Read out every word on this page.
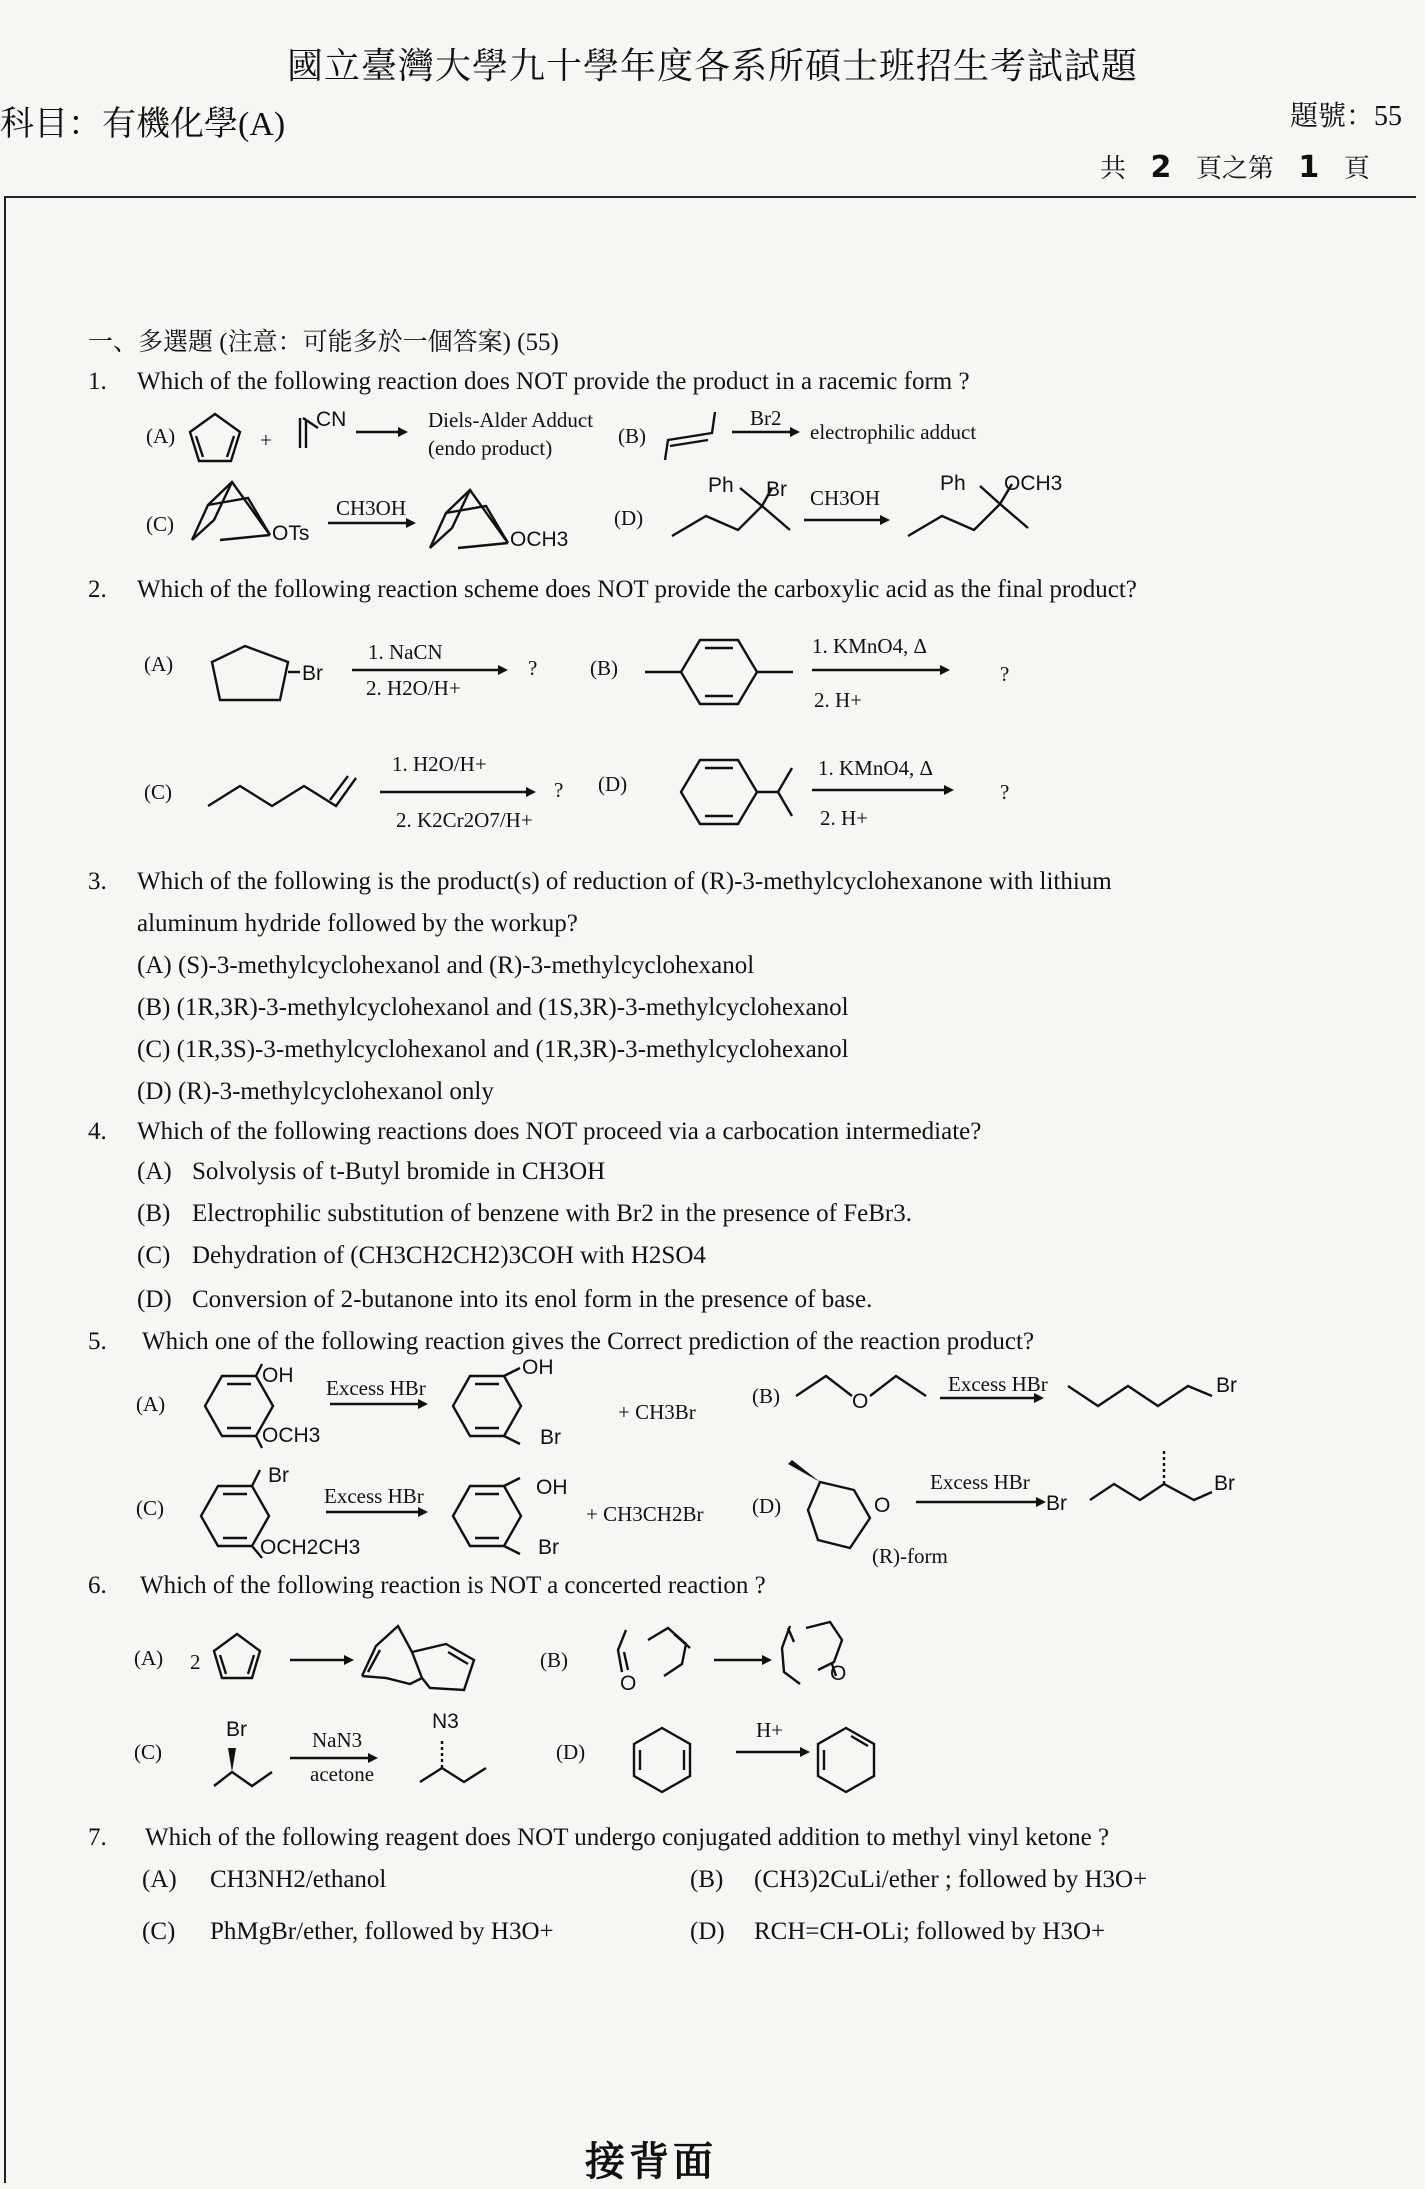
國立臺灣大學九十學年度各系所碩士班招生考試試題
科目：有機化學(A)	題號：55
共 2 頁之第 1 頁
一、多選題 (注意：可能多於一個答案) (55)
1. Which of the following reaction does NOT provide the product in a racemic form ?
(A)	+
CN	Diels-Alder Adduct
(endo product)	(B)
Br2
electrophilic adduct
(C)	OTs
CH3OH
OCH3
(D)
Ph Br CH3OH
Ph OCH3
2. Which of the following reaction scheme does NOT provide the carboxylic acid as the final product?
(A)	Br
1. NaCN
2. H2O/H+
?	(B)
1. KMnO4, Δ
2. H+
?
(C)
1. H2O/H+
2. K2Cr2O7/H+
? (D)
1. KMnO4, Δ
2. H+
?
3. Which of the following is the product(s) of reduction of (R)-3-methylcyclohexanone with lithium
aluminum hydride followed by the workup?
(A) (S)-3-methylcyclohexanol and (R)-3-methylcyclohexanol
(B) (1R,3R)-3-methylcyclohexanol and (1S,3R)-3-methylcyclohexanol
(C) (1R,3S)-3-methylcyclohexanol and (1R,3R)-3-methylcyclohexanol
(D) (R)-3-methylcyclohexanol only
4. Which of the following reactions does NOT proceed via a carbocation intermediate?
(A) Solvolysis of t-Butyl bromide in CH3OH
(B) Electrophilic substitution of benzene with Br2 in the presence of FeBr3.
(C) Dehydration of (CH3CH2CH2)3COH with H2SO4
(D) Conversion of 2-butanone into its enol form in the presence of base.
5. Which one of the following reaction gives the Correct prediction of the reaction product?
(A)
OH
OCH3
Excess HBr
OH
Br
+ CH3Br
(B)	O
Excess HBr	Br
(C)
Br
OCH2CH3
Excess HBr	OH
Br
+ CH3CH2Br (D)	O
(R)-form
Excess HBr
Br
Br
6. Which of the following reaction is NOT a concerted reaction ?
(A) 2	(B)
O	O
(C)
Br	NaN3
acetone
N3
(D)
H+
7. Which of the following reagent does NOT undergo conjugated addition to methyl vinyl ketone ?
(A) CH3NH2/ethanol	(B) (CH3)2CuLi/ether ; followed by H3O+
(C) PhMgBr/ether, followed by H3O+	(D) RCH=CH-OLi; followed by H3O+
接背面
